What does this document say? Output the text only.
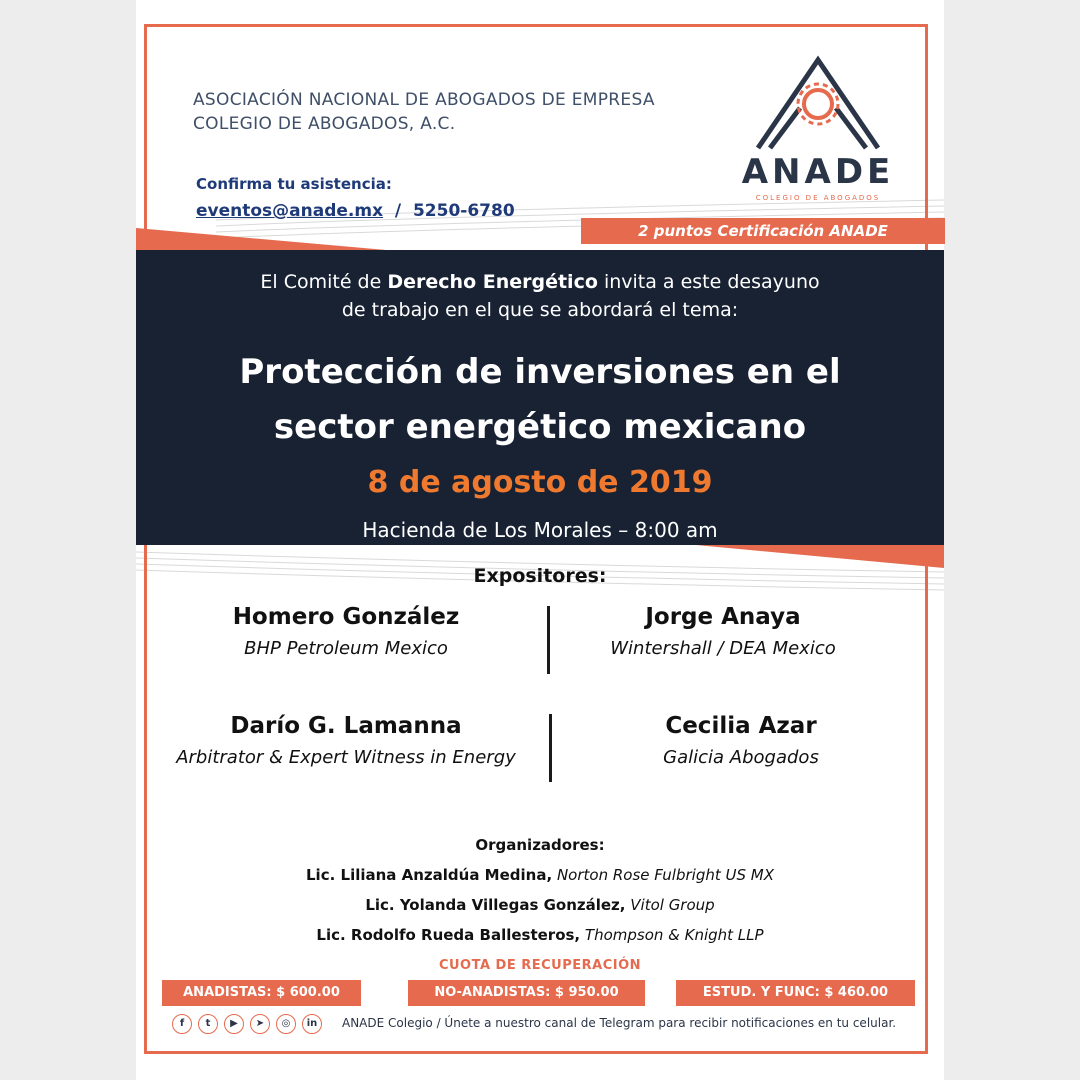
ASOCIACIÓN NACIONAL DE ABOGADOS DE EMPRESA
COLEGIO DE ABOGADOS, A.C.
Confirma tu asistencia:
eventos@anade.mx / 5250-6780
ANADE
COLEGIO DE ABOGADOS
2 puntos Certificación ANADE
El Comité de Derecho Energético invita a este desayuno
de trabajo en el que se abordará el tema:
Protección de inversiones en el
sector energético mexicano
8 de agosto de 2019
Hacienda de Los Morales – 8:00 am
Expositores:
Homero González
BHP Petroleum Mexico
Jorge Anaya
Wintershall / DEA Mexico
Darío G. Lamanna
Arbitrator & Expert Witness in Energy
Cecilia Azar
Galicia Abogados
Organizadores:
Lic. Liliana Anzaldúa Medina, Norton Rose Fulbright US MX
Lic. Yolanda Villegas González, Vitol Group
Lic. Rodolfo Rueda Ballesteros, Thompson & Knight LLP
CUOTA DE RECUPERACIÓN
ANADISTAS: $ 600.00	NO-ANADISTAS: $ 950.00	ESTUD. Y FUNC: $ 460.00
f t ▶ ➤ ◎ in	ANADE Colegio / Únete a nuestro canal de Telegram para recibir notificaciones en tu celular.
